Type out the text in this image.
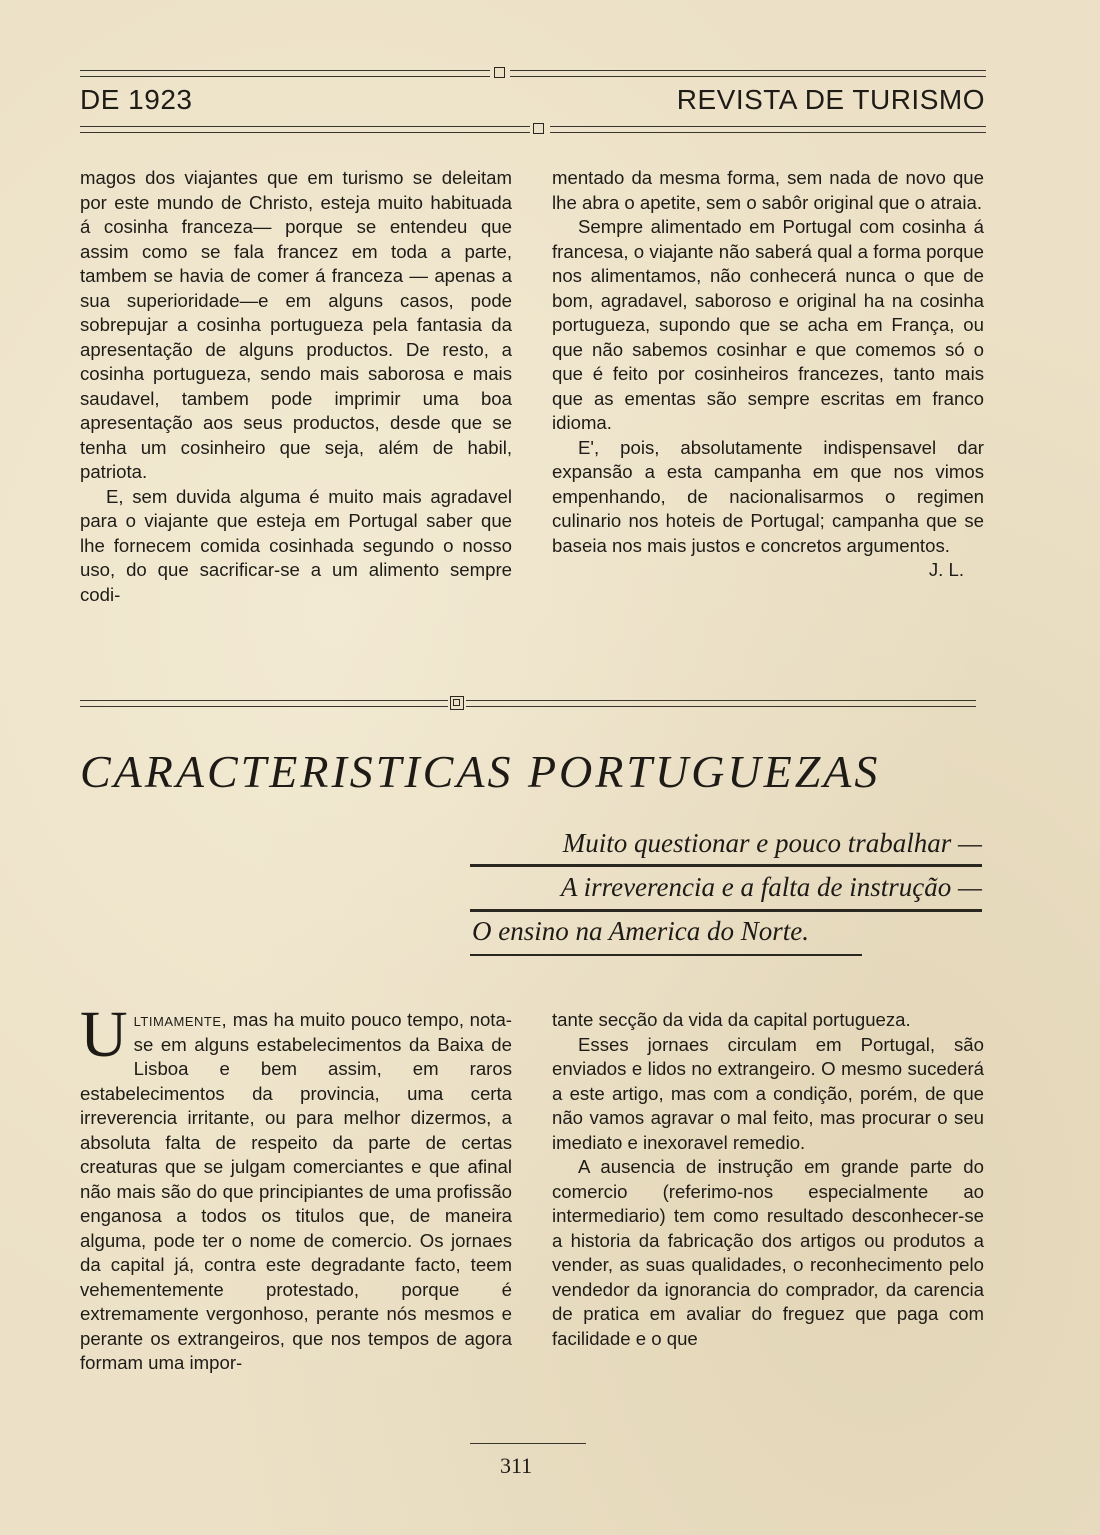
DE 1923	REVISTA DE TURISMO

magos dos viajantes que em turismo se deleitam por este mundo de Christo, esteja muito habituada á cosinha franceza— porque se entendeu que assim como se fala francez em toda a parte, tambem se havia de comer á franceza — apenas a sua superioridade—e em alguns casos, pode sobrepujar a cosinha portugueza pela fantasia da apresentação de alguns productos. De resto, a cosinha portugueza, sendo mais saborosa e mais saudavel, tambem pode imprimir uma boa apresentação aos seus productos, desde que se tenha um cosinheiro que seja, além de habil, patriota.

E, sem duvida alguma é muito mais agradavel para o viajante que esteja em Portugal saber que lhe fornecem comida cosinhada segundo o nosso uso, do que sacrificar-se a um alimento sempre codi-

mentado da mesma forma, sem nada de novo que lhe abra o apetite, sem o sabôr original que o atraia.

Sempre alimentado em Portugal com cosinha á francesa, o viajante não saberá qual a forma porque nos alimentamos, não conhecerá nunca o que de bom, agradavel, saboroso e original ha na cosinha portugueza, supondo que se acha em França, ou que não sabemos cosinhar e que comemos só o que é feito por cosinheiros francezes, tanto mais que as ementas são sempre escritas em franco idioma.

E', pois, absolutamente indispensavel dar expansão a esta campanha em que nos vimos empenhando, de nacionalisarmos o regimen culinario nos hoteis de Portugal; campanha que se baseia nos mais justos e concretos argumentos.

J. L.

CARACTERISTICAS PORTUGUEZAS
Muito questionar e pouco trabalhar —
A irreverencia e a falta de instrução —
O ensino na America do Norte.

Ultimamente, mas ha muito pouco tempo, nota-se em alguns estabelecimentos da Baixa de Lisboa e bem assim, em raros estabelecimentos da provincia, uma certa irreverencia irritante, ou para melhor dizermos, a absoluta falta de respeito da parte de certas creaturas que se julgam comerciantes e que afinal não mais são do que principiantes de uma profissão enganosa a todos os titulos que, de maneira alguma, pode ter o nome de comercio. Os jornaes da capital já, contra este degradante facto, teem vehementemente protestado, porque é extremamente vergonhoso, perante nós mesmos e perante os extrangeiros, que nos tempos de agora formam uma impor-

tante secção da vida da capital portugueza.

Esses jornaes circulam em Portugal, são enviados e lidos no extrangeiro. O mesmo sucederá a este artigo, mas com a condição, porém, de que não vamos agravar o mal feito, mas procurar o seu imediato e inexoravel remedio.

A ausencia de instrução em grande parte do comercio (referimo-nos especialmente ao intermediario) tem como resultado desconhecer-se a historia da fabricação dos artigos ou produtos a vender, as suas qualidades, o reconhecimento pelo vendedor da ignorancia do comprador, da carencia de pratica em avaliar do freguez que paga com facilidade e o que

311
